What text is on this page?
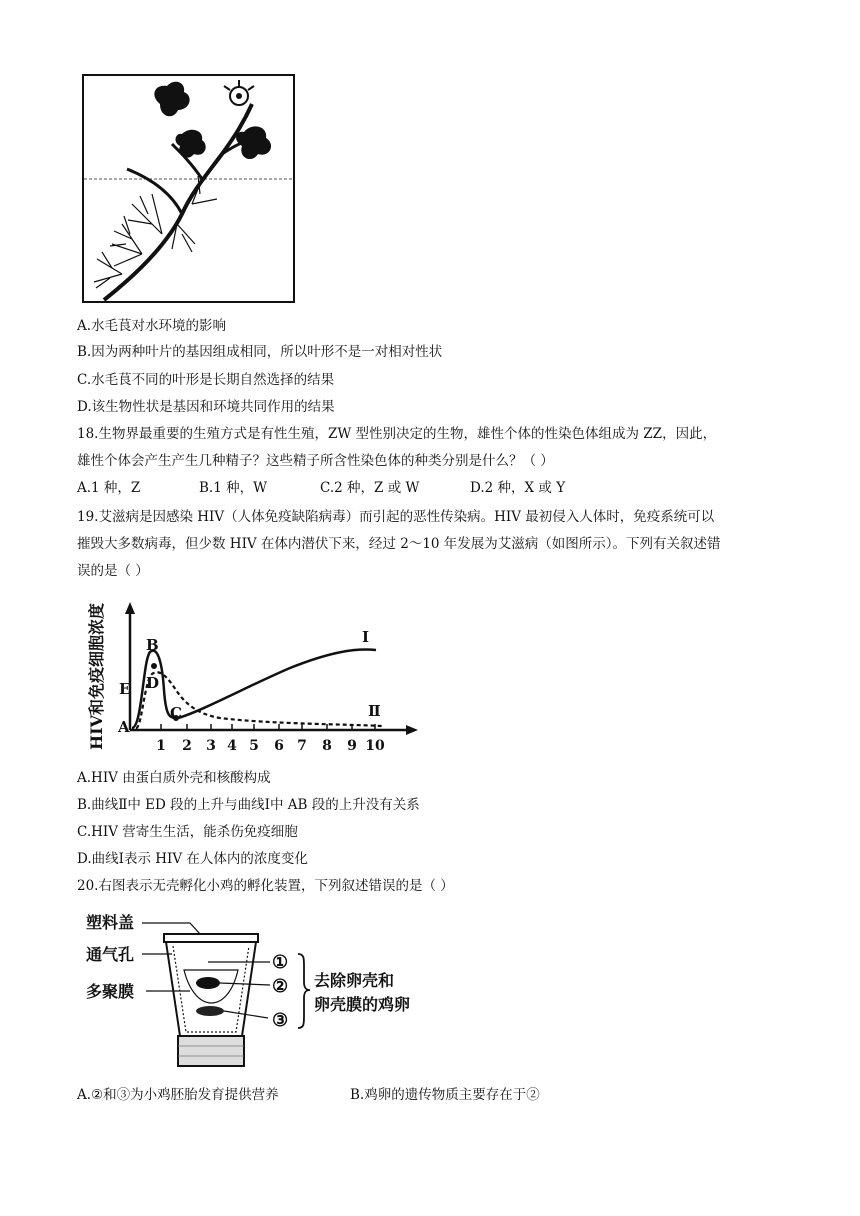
A.水毛茛对水环境的影响
B.因为两种叶片的基因组成相同，所以叶形不是一对相对性状
C.水毛茛不同的叶形是长期自然选择的结果
D.该生物性状是基因和环境共同作用的结果
18.生物界最重要的生殖方式是有性生殖，ZW 型性别决定的生物，雄性个体的性染色体组成为 ZZ，因此，
雄性个体会产生产生几种精子？这些精子所含性染色体的种类分别是什么？（ ）
A.1 种，Z	B.1 种，W	C.2 种，Z 或 W	D.2 种，X 或 Y
19.艾滋病是因感染 HIV（人体免疫缺陷病毒）而引起的恶性传染病。HIV 最初侵入人体时，免疫系统可以
摧毁大多数病毒，但少数 HIV 在体内潜伏下来，经过 2～10 年发展为艾滋病（如图所示）。下列有关叙述错
误的是（ ）
HIV和免疫细胞浓度	1 2 3 4 5 6 7 8 9 10
B
D
E
A
C
Ⅰ
Ⅱ
A.HIV 由蛋白质外壳和核酸构成
B.曲线Ⅱ中 ED 段的上升与曲线Ⅰ中 AB 段的上升没有关系
C.HIV 营寄生生活，能杀伤免疫细胞
D.曲线Ⅰ表示 HIV 在人体内的浓度变化
20.右图表示无壳孵化小鸡的孵化装置，下列叙述错误的是（ ）
塑料盖
通气孔
多聚膜
①
②
③
去除卵壳和
卵壳膜的鸡卵
A.②和③为小鸡胚胎发育提供营养	B.鸡卵的遗传物质主要存在于②
